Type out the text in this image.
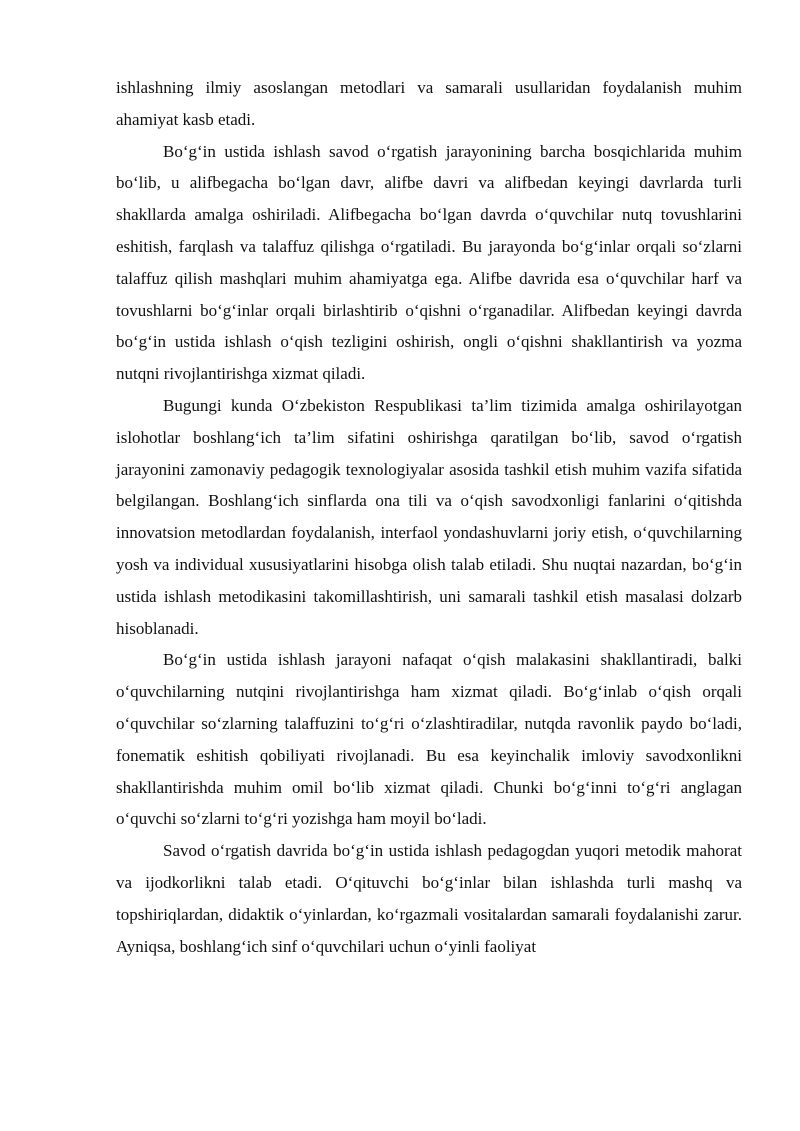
ishlashning ilmiy asoslangan metodlari va samarali usullaridan foydalanish muhim ahamiyat kasb etadi.

Bo‘g‘in ustida ishlash savod o‘rgatish jarayonining barcha bosqichlarida muhim bo‘lib, u alifbegacha bo‘lgan davr, alifbe davri va alifbedan keyingi davrlarda turli shakllarda amalga oshiriladi. Alifbegacha bo‘lgan davrda o‘quvchilar nutq tovushlarini eshitish, farqlash va talaffuz qilishga o‘rgatiladi. Bu jarayonda bo‘g‘inlar orqali so‘zlarni talaffuz qilish mashqlari muhim ahamiyatga ega. Alifbe davrida esa o‘quvchilar harf va tovushlarni bo‘g‘inlar orqali birlashtirib o‘qishni o‘rganadilar. Alifbedan keyingi davrda bo‘g‘in ustida ishlash o‘qish tezligini oshirish, ongli o‘qishni shakllantirish va yozma nutqni rivojlantirishga xizmat qiladi.

Bugungi kunda O‘zbekiston Respublikasi ta’lim tizimida amalga oshirilayotgan islohotlar boshlang‘ich ta’lim sifatini oshirishga qaratilgan bo‘lib, savod o‘rgatish jarayonini zamonaviy pedagogik texnologiyalar asosida tashkil etish muhim vazifa sifatida belgilangan. Boshlang‘ich sinflarda ona tili va o‘qish savodxonligi fanlarini o‘qitishda innovatsion metodlardan foydalanish, interfaol yondashuvlarni joriy etish, o‘quvchilarning yosh va individual xususiyatlarini hisobga olish talab etiladi. Shu nuqtai nazardan, bo‘g‘in ustida ishlash metodikasini takomillashtirish, uni samarali tashkil etish masalasi dolzarb hisoblanadi.

Bo‘g‘in ustida ishlash jarayoni nafaqat o‘qish malakasini shakllantiradi, balki o‘quvchilarning nutqini rivojlantirishga ham xizmat qiladi. Bo‘g‘inlab o‘qish orqali o‘quvchilar so‘zlarning talaffuzini to‘g‘ri o‘zlashtiradilar, nutqda ravonlik paydo bo‘ladi, fonematik eshitish qobiliyati rivojlanadi. Bu esa keyinchalik imloviy savodxonlikni shakllantirishda muhim omil bo‘lib xizmat qiladi. Chunki bo‘g‘inni to‘g‘ri anglagan o‘quvchi so‘zlarni to‘g‘ri yozishga ham moyil bo‘ladi.

Savod o‘rgatish davrida bo‘g‘in ustida ishlash pedagogdan yuqori metodik mahorat va ijodkorlikni talab etadi. O‘qituvchi bo‘g‘inlar bilan ishlashda turli mashq va topshiriqlardan, didaktik o‘yinlardan, ko‘rgazmali vositalardan samarali foydalanishi zarur. Ayniqsa, boshlang‘ich sinf o‘quvchilari uchun o‘yinli faoliyat
